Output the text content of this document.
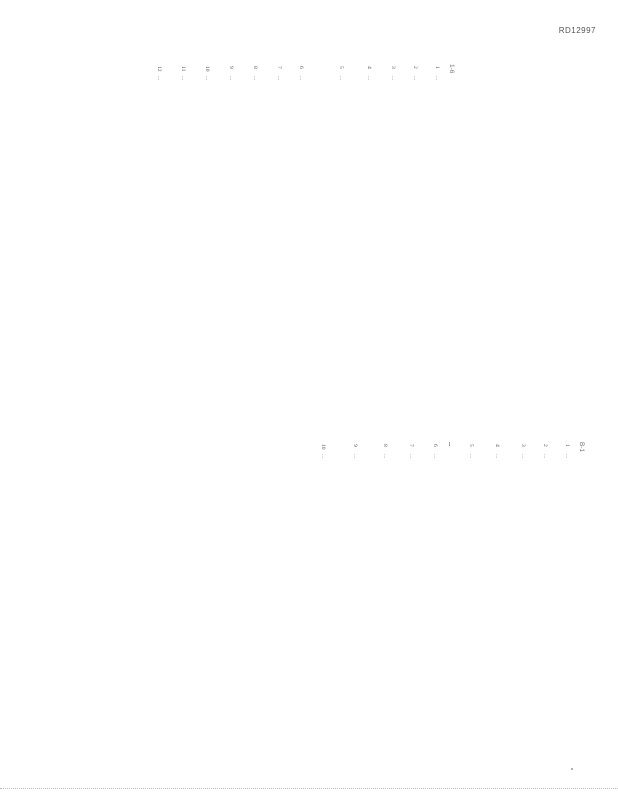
RD12997
1-6
1
...
2
...
3
...
4
...
5
...
6
...
7
...
8
...
9
...
10
...
11
...
12
...
B-1
...	1
...
2
...
3
...
4
...
5
...
6
...
7
...
8
...
9
...
10
...
